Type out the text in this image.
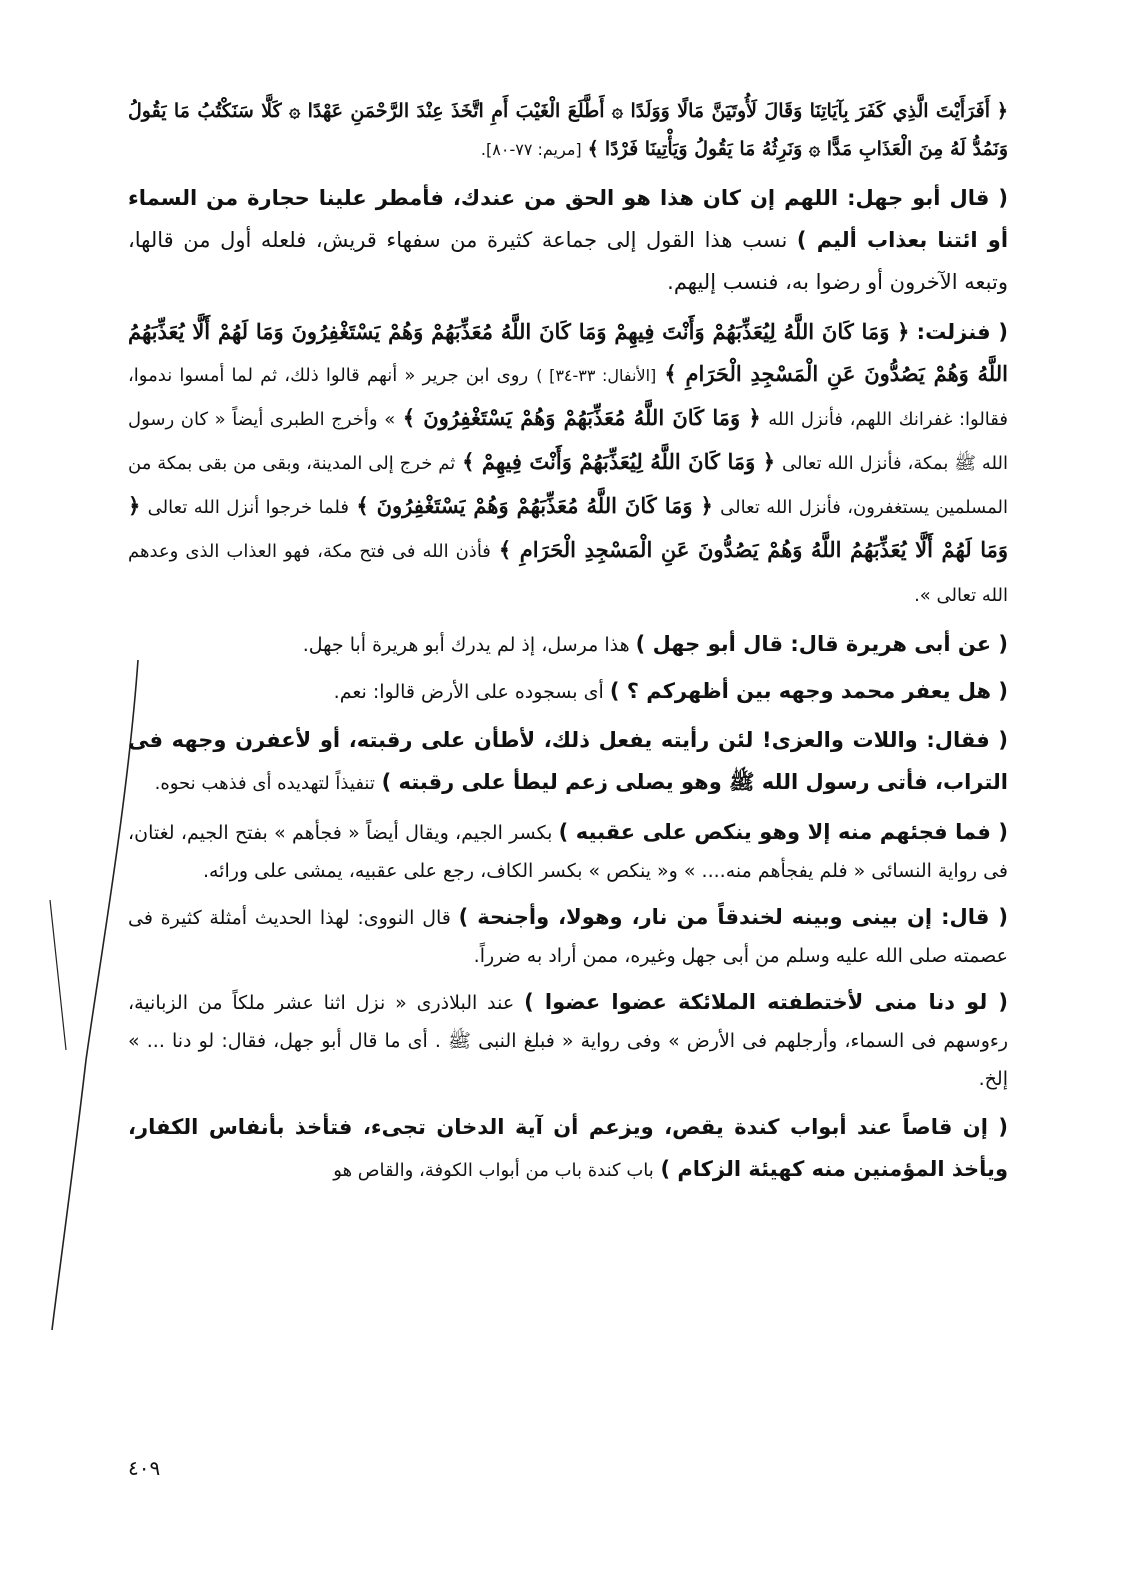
﴿ أَفَرَأَيْتَ الَّذِي كَفَرَ بِآيَاتِنَا وَقَالَ لَأُوتَيَنَّ مَالًا وَوَلَدًا ۞ أَطَّلَعَ الْغَيْبَ أَمِ اتَّخَذَ عِنْدَ الرَّحْمَنِ عَهْدًا ۞ كَلَّا سَنَكْتُبُ مَا يَقُولُ وَنَمُدُّ لَهُ مِنَ الْعَذَابِ مَدًّا ۞ وَنَرِثُهُ مَا يَقُولُ وَيَأْتِينَا فَرْدًا ﴾ [مريم: ٧٧-٨٠].

( قال أبو جهل: اللهم إن كان هذا هو الحق من عندك، فأمطر علينا حجارة من السماء أو ائتنا بعذاب أليم ) نسب هذا القول إلى جماعة كثيرة من سفهاء قريش، فلعله أول من قالها، وتبعه الآخرون أو رضوا به، فنسب إليهم.

( فنزلت: ﴿ وَمَا كَانَ اللَّهُ لِيُعَذِّبَهُمْ وَأَنْتَ فِيهِمْ وَمَا كَانَ اللَّهُ مُعَذِّبَهُمْ وَهُمْ يَسْتَغْفِرُونَ وَمَا لَهُمْ أَلَّا يُعَذِّبَهُمُ اللَّهُ وَهُمْ يَصُدُّونَ عَنِ الْمَسْجِدِ الْحَرَامِ ﴾ [الأنفال: ٣٣-٣٤] ) روى ابن جرير « أنهم قالوا ذلك، ثم لما أمسوا ندموا، فقالوا: غفرانك اللهم، فأنزل الله ﴿ وَمَا كَانَ اللَّهُ مُعَذِّبَهُمْ وَهُمْ يَسْتَغْفِرُونَ ﴾ » وأخرج الطبرى أيضاً « كان رسول الله ﷺ بمكة، فأنزل الله تعالى ﴿ وَمَا كَانَ اللَّهُ لِيُعَذِّبَهُمْ وَأَنْتَ فِيهِمْ ﴾ ثم خرج إلى المدينة، وبقى من بقى بمكة من المسلمين يستغفرون، فأنزل الله تعالى ﴿ وَمَا كَانَ اللَّهُ مُعَذِّبَهُمْ وَهُمْ يَسْتَغْفِرُونَ ﴾ فلما خرجوا أنزل الله تعالى ﴿ وَمَا لَهُمْ أَلَّا يُعَذِّبَهُمُ اللَّهُ وَهُمْ يَصُدُّونَ عَنِ الْمَسْجِدِ الْحَرَامِ ﴾ فأذن الله فى فتح مكة، فهو العذاب الذى وعدهم الله تعالى ».

( عن أبى هريرة قال: قال أبو جهل ) هذا مرسل، إذ لم يدرك أبو هريرة أبا جهل.

( هل يعفر محمد وجهه بين أظهركم ؟ ) أى بسجوده على الأرض قالوا: نعم.

( فقال: واللات والعزى! لئن رأيته يفعل ذلك، لأطأن على رقبته، أو لأعفرن وجهه فى التراب، فأتى رسول الله ﷺ وهو يصلى زعم ليطأ على رقبته ) تنفيذاً لتهديده أى فذهب نحوه.

( فما فجئهم منه إلا وهو ينكص على عقبيه ) بكسر الجيم، ويقال أيضاً « فجأهم » بفتح الجيم، لغتان، فى رواية النسائى « فلم يفجأهم منه.... » و« ينكص » بكسر الكاف، رجع على عقبيه، يمشى على ورائه.

( قال: إن بينى وبينه لخندقاً من نار، وهولا، وأجنحة ) قال النووى: لهذا الحديث أمثلة كثيرة فى عصمته صلى الله عليه وسلم من أبى جهل وغيره، ممن أراد به ضرراً.

( لو دنا منى لأختطفته الملائكة عضوا عضوا ) عند البلاذرى « نزل اثنا عشر ملكاً من الزبانية، رءوسهم فى السماء، وأرجلهم فى الأرض » وفى رواية « فبلغ النبى ﷺ . أى ما قال أبو جهل، فقال: لو دنا ... » إلخ.

( إن قاصاً عند أبواب كندة يقص، ويزعم أن آية الدخان تجىء، فتأخذ بأنفاس الكفار، ويأخذ المؤمنين منه كهيئة الزكام ) باب كندة باب من أبواب الكوفة، والقاص هو

٤٠٩
